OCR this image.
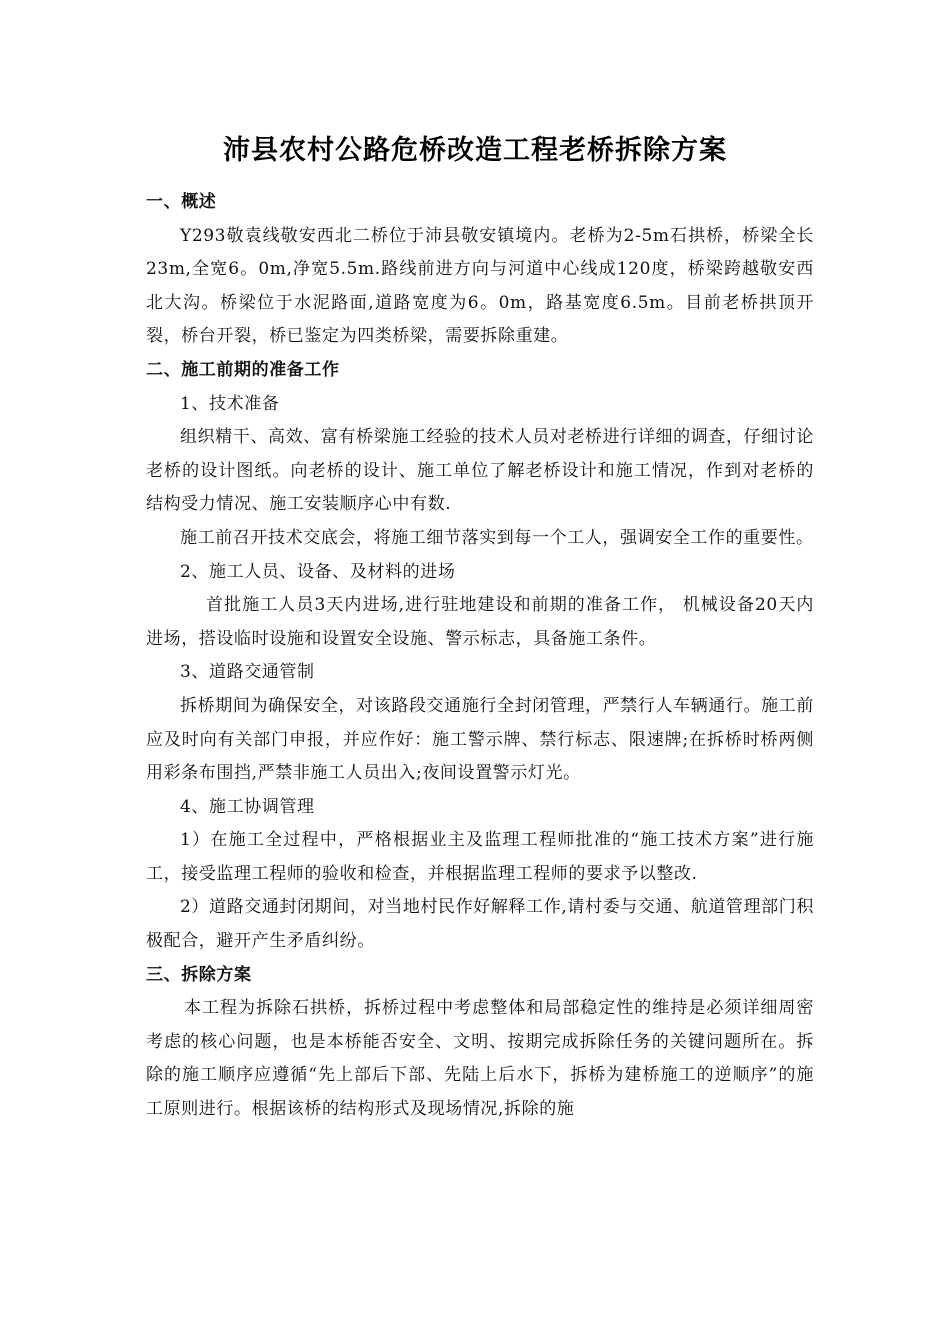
沛县农村公路危桥改造工程老桥拆除方案

一、概述

Y293敬袁线敬安西北二桥位于沛县敬安镇境内。老桥为2-5m石拱桥，桥梁全长23m,全宽6。0m,净宽5.5m.路线前进方向与河道中心线成120度，桥梁跨越敬安西北大沟。桥梁位于水泥路面,道路宽度为6。0m，路基宽度6.5m。目前老桥拱顶开裂，桥台开裂，桥已鉴定为四类桥梁，需要拆除重建。

二、施工前期的准备工作

1、技术准备

组织精干、高效、富有桥梁施工经验的技术人员对老桥进行详细的调查，仔细讨论老桥的设计图纸。向老桥的设计、施工单位了解老桥设计和施工情况，作到对老桥的结构受力情况、施工安装顺序心中有数.

施工前召开技术交底会，将施工细节落实到每一个工人，强调安全工作的重要性。

2、施工人员、设备、及材料的进场

首批施工人员3天内进场,进行驻地建设和前期的准备工作， 机械设备20天内进场，搭设临时设施和设置安全设施、警示标志，具备施工条件。

3、道路交通管制

拆桥期间为确保安全，对该路段交通施行全封闭管理，严禁行人车辆通行。施工前应及时向有关部门申报，并应作好：施工警示牌、禁行标志、限速牌;在拆桥时桥两侧用彩条布围挡,严禁非施工人员出入;夜间设置警示灯光。

4、施工协调管理

1）在施工全过程中，严格根据业主及监理工程师批准的“施工技术方案”进行施工，接受监理工程师的验收和检查，并根据监理工程师的要求予以整改.

2）道路交通封闭期间，对当地村民作好解释工作,请村委与交通、航道管理部门积极配合，避开产生矛盾纠纷。

三、拆除方案

本工程为拆除石拱桥，拆桥过程中考虑整体和局部稳定性的维持是必须详细周密考虑的核心问题，也是本桥能否安全、文明、按期完成拆除任务的关键问题所在。拆除的施工顺序应遵循“先上部后下部、先陆上后水下，拆桥为建桥施工的逆顺序”的施工原则进行。根据该桥的结构形式及现场情况,拆除的施
